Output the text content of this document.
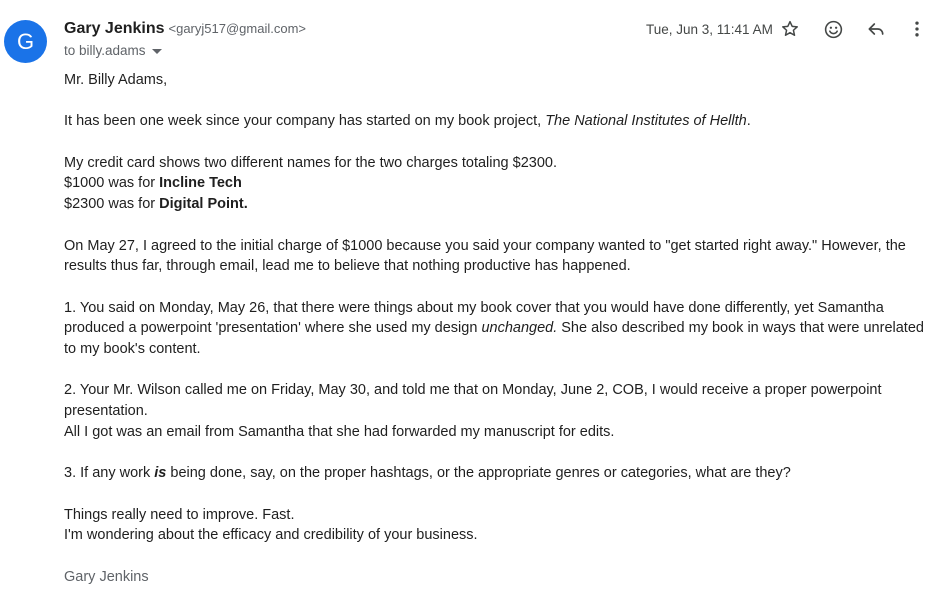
G	Gary Jenkins <garyj517@gmail.com>
to billy.adams
Tue, Jun 3, 11:41 AM

Mr. Billy Adams,

It has been one week since your company has started on my book project, The National Institutes of Hellth.

My credit card shows two different names for the two charges totaling $2300.
$1000 was for Incline Tech
$2300 was for Digital Point.

On May 27, I agreed to the initial charge of $1000 because you said your company wanted to "get started right away." However, the results thus far, through email, lead me to believe that nothing productive has happened.

1. You said on Monday, May 26, that there were things about my book cover that you would have done differently, yet Samantha produced a powerpoint 'presentation' where she used my design unchanged. She also described my book in ways that were unrelated to my book's content.

2. Your Mr. Wilson called me on Friday, May 30, and told me that on Monday, June 2, COB, I would receive a proper powerpoint presentation.
All I got was an email from Samantha that she had forwarded my manuscript for edits.

3. If any work is being done, say, on the proper hashtags, or the appropriate genres or categories, what are they?

Things really need to improve. Fast.
I'm wondering about the efficacy and credibility of your business.

Gary Jenkins
